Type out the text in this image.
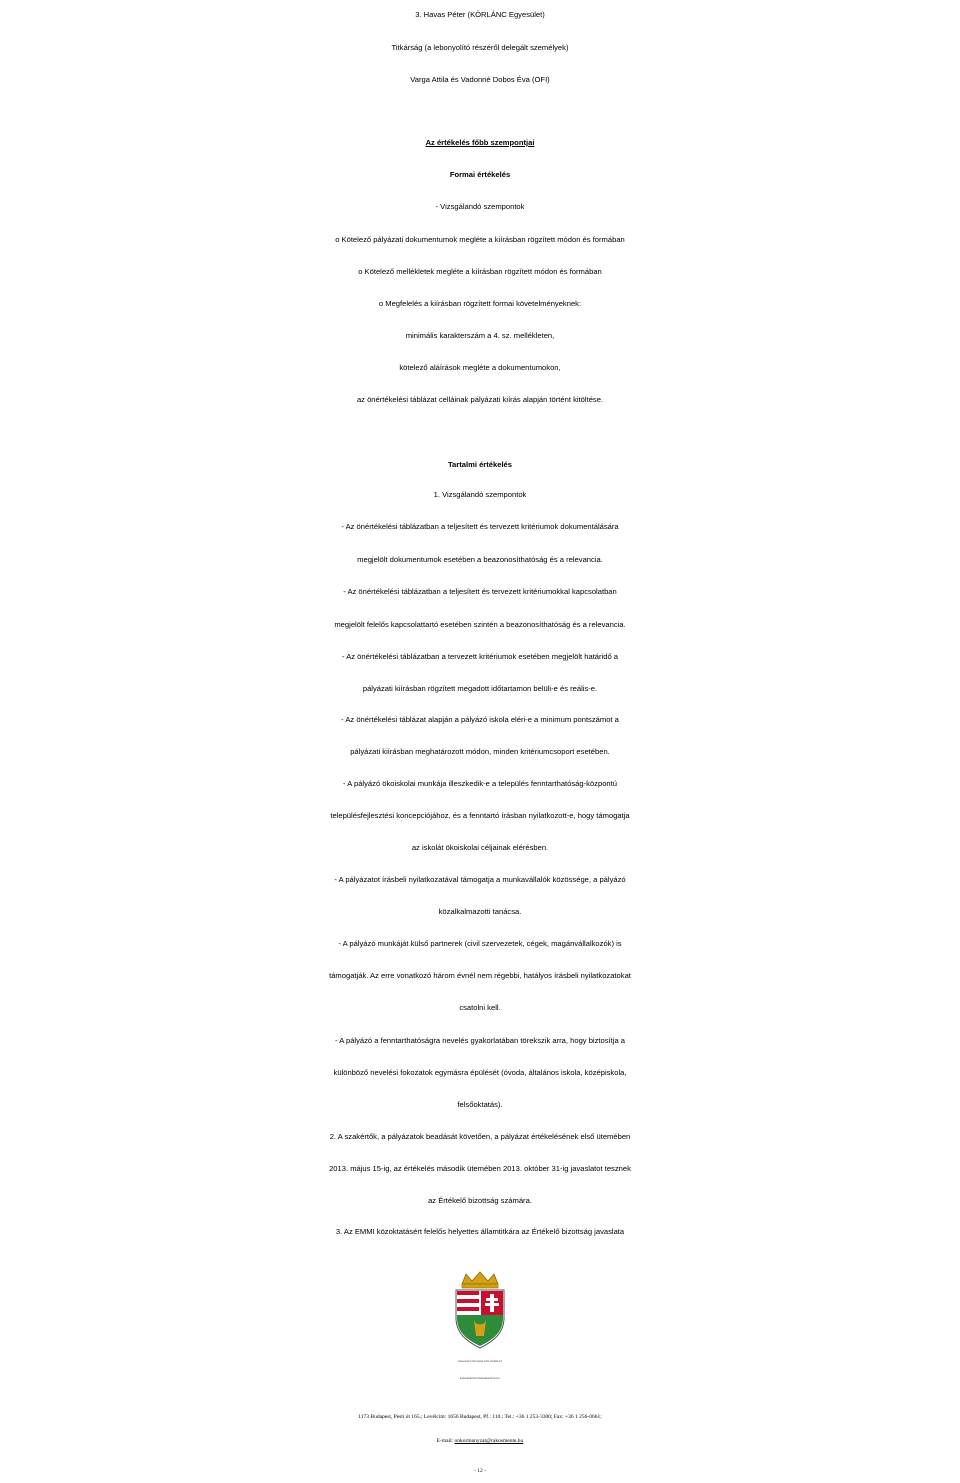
3. Havas Péter (KÖRLÁNC Egyesület)
Titkárság (a lebonyolító részéről delegált személyek)
Varga Attila és Vadonné Dobos Éva (OFI)
Az értékelés főbb szempontjai
Formai értékelés
- Vizsgálandó szempontok
o Kötelező pályázati dokumentumok megléte a kiírásban rögzített módon és formában
o Kötelező mellékletek megléte a kiírásban rögzített módon és formában
o Megfelelés a kiírásban rögzített formai követelményeknek:
minimális karakterszám a 4. sz. mellékleten,
kötelező aláírások megléte a dokumentumokon,
az önértékelési táblázat celláinak pályázati kiírás alapján történt kitöltése.
Tartalmi értékelés
1. Vizsgálandó szempontok
- Az önértékelési táblázatban a teljesített és tervezett kritériumok dokumentálására
megjelölt dokumentumok esetében a beazonosíthatóság és a relevancia.
- Az önértékelési táblázatban a teljesített és tervezett kritériumokkal kapcsolatban
megjelölt felelős kapcsolattartó esetében szintén a beazonosíthatóság és a relevancia.
- Az önértékelési táblázatban a tervezett kritériumok esetében megjelölt határidő a
pályázati kiírásban rögzített megadott időtartamon belüli-e és reális-e.
- Az önértékelési táblázat alapján a pályázó iskola eléri-e a minimum pontszámot a
pályázati kiírásban meghatározott módon, minden kritériumcsoport esetében.
- A pályázó ökoiskolai munkája illeszkedik-e a település fenntarthatóság-központú
településfejlesztési koncepciójához, és a fenntartó írásban nyilatkozott-e, hogy támogatja
az iskolát ökoiskolai céljainak elérésben.
- A pályázatot írásbeli nyilatkozatával támogatja a munkavállalók közössége, a pályázó
közalkalmazotti tanácsa.
- A pályázó munkáját külső partnerek (civil szervezetek, cégek, magánvállalkozók) is
támogatják. Az erre vonatkozó három évnél nem régebbi, hatályos írásbeli nyilatkozatokat
csatolni kell.
- A pályázó a fenntarthatóságra nevelés gyakorlatában törekszik arra, hogy biztosítja a
különböző nevelési fokozatok egymásra épülését (óvoda, általános iskola, középiskola,
felsőoktatás).
2. A szakértők, a pályázatok beadását követően, a pályázat értékelésének első ütemében
2013. május 15-ig, az értékelés második ütemében 2013. október 31-ig javaslatot tesznek
az Értékelő bizottság számára.
3. Az EMMI közoktatásért felelős helyettes államtitkára az Értékelő bizottság javaslata
BUDAPEST FŐVÁROS XVII. KERÜLET
RÁKOSMENTE ÖNKORMÁNYZATA
1173 Budapest, Pesti út 165.; Levélcím: 1656 Budapest, Pf.: 110.; Tel.: +36 1 253-3300; Fax: +36 1 256-0661;
E-mail: onkormanyzat@rakosmente.hu
- 12 -
